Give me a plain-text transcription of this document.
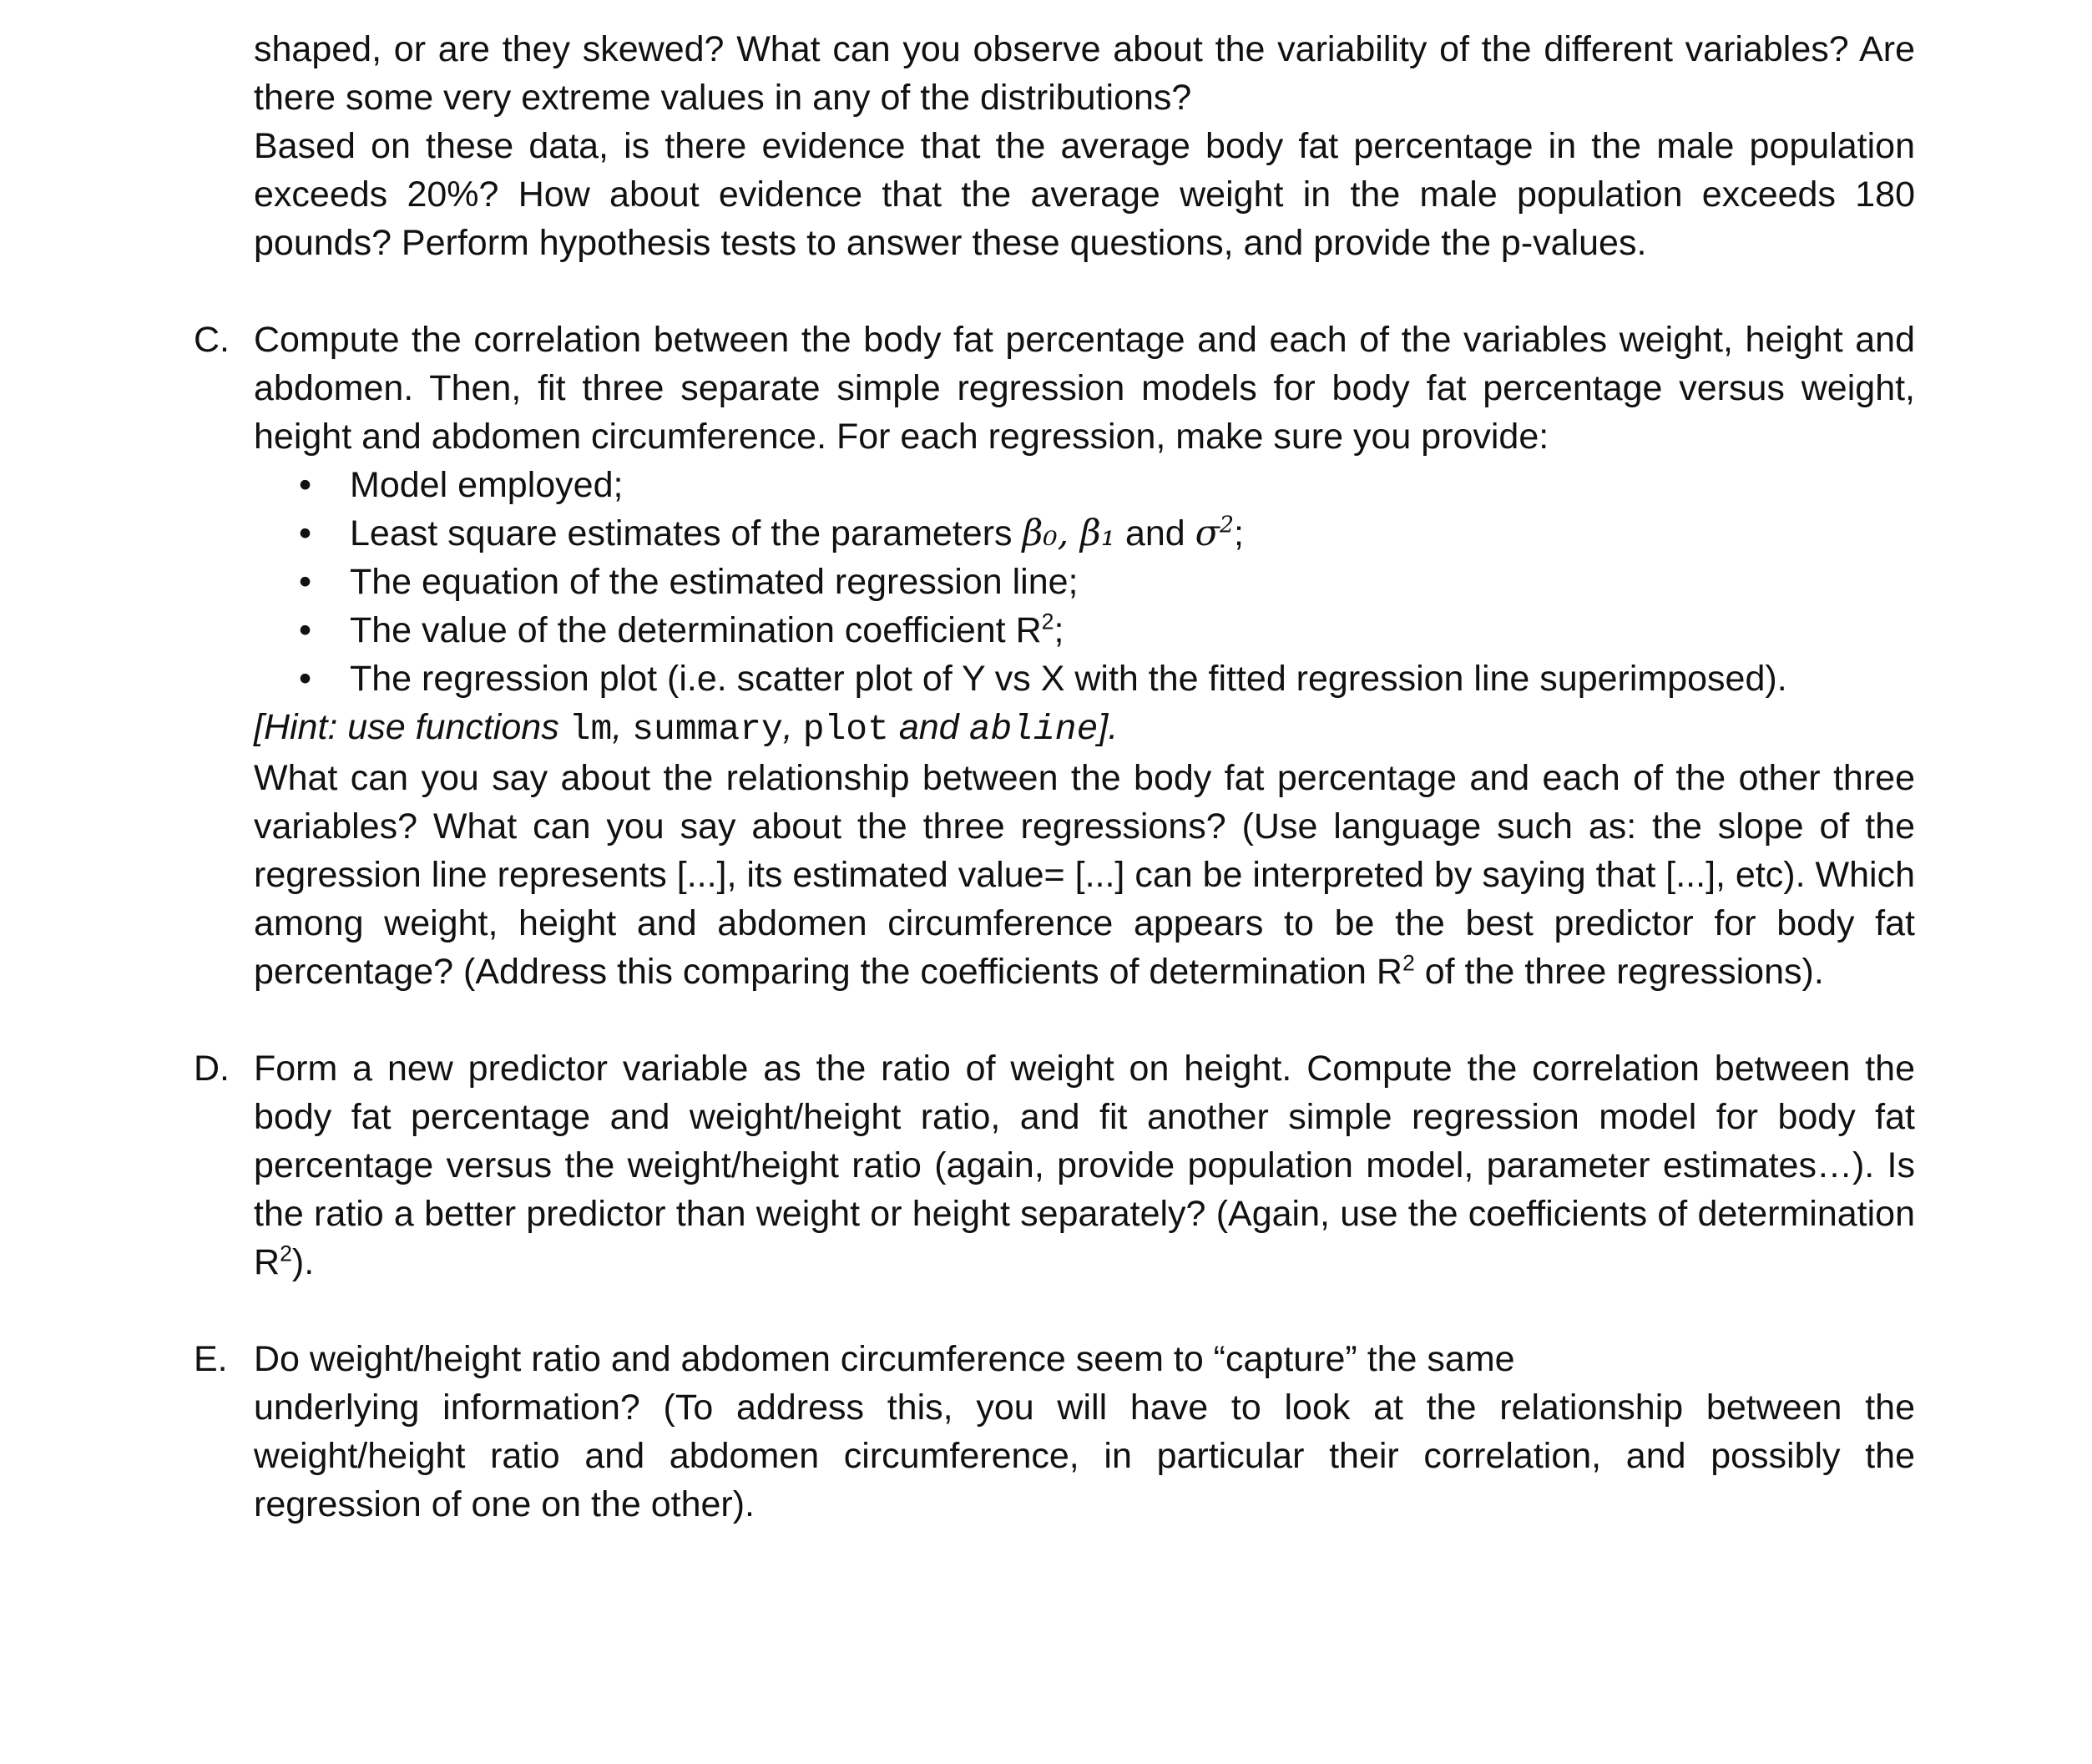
shaped, or are they skewed? What can you observe about the variability of the different variables? Are there some very extreme values in any of the distributions?

Based on these data, is there evidence that the average body fat percentage in the male population exceeds 20%? How about evidence that the average weight in the male population exceeds 180 pounds? Perform hypothesis tests to answer these questions, and provide the p-values.

C. Compute the correlation between the body fat percentage and each of the variables weight, height and abdomen. Then, fit three separate simple regression models for body fat percentage versus weight, height and abdomen circumference. For each regression, make sure you provide:

• Model employed;
• Least square estimates of the parameters β₀, β₁ and $\sigma^2$;
• The equation of the estimated regression line;
• The value of the determination coefficient $R^2$;
• The regression plot (i.e. scatter plot of Y vs X with the fitted regression line superimposed).

[Hint: use functions lm, summary, plot and abline].

What can you say about the relationship between the body fat percentage and each of the other three variables? What can you say about the three regressions? (Use language such as: the slope of the regression line represents [...], its estimated value= [...] can be interpreted by saying that [...], etc). Which among weight, height and abdomen circumference appears to be the best predictor for body fat percentage? (Address this comparing the coefficients of determination $R^2$ of the three regressions).

D. Form a new predictor variable as the ratio of weight on height. Compute the correlation between the body fat percentage and weight/height ratio, and fit another simple regression model for body fat percentage versus the weight/height ratio (again, provide population model, parameter estimates…). Is the ratio a better predictor than weight or height separately? (Again, use the coefficients of determination $R^2$).

E. Do weight/height ratio and abdomen circumference seem to “capture” the same
underlying information? (To address this, you will have to look at the relationship between the weight/height ratio and abdomen circumference, in particular their correlation, and possibly the regression of one on the other).
